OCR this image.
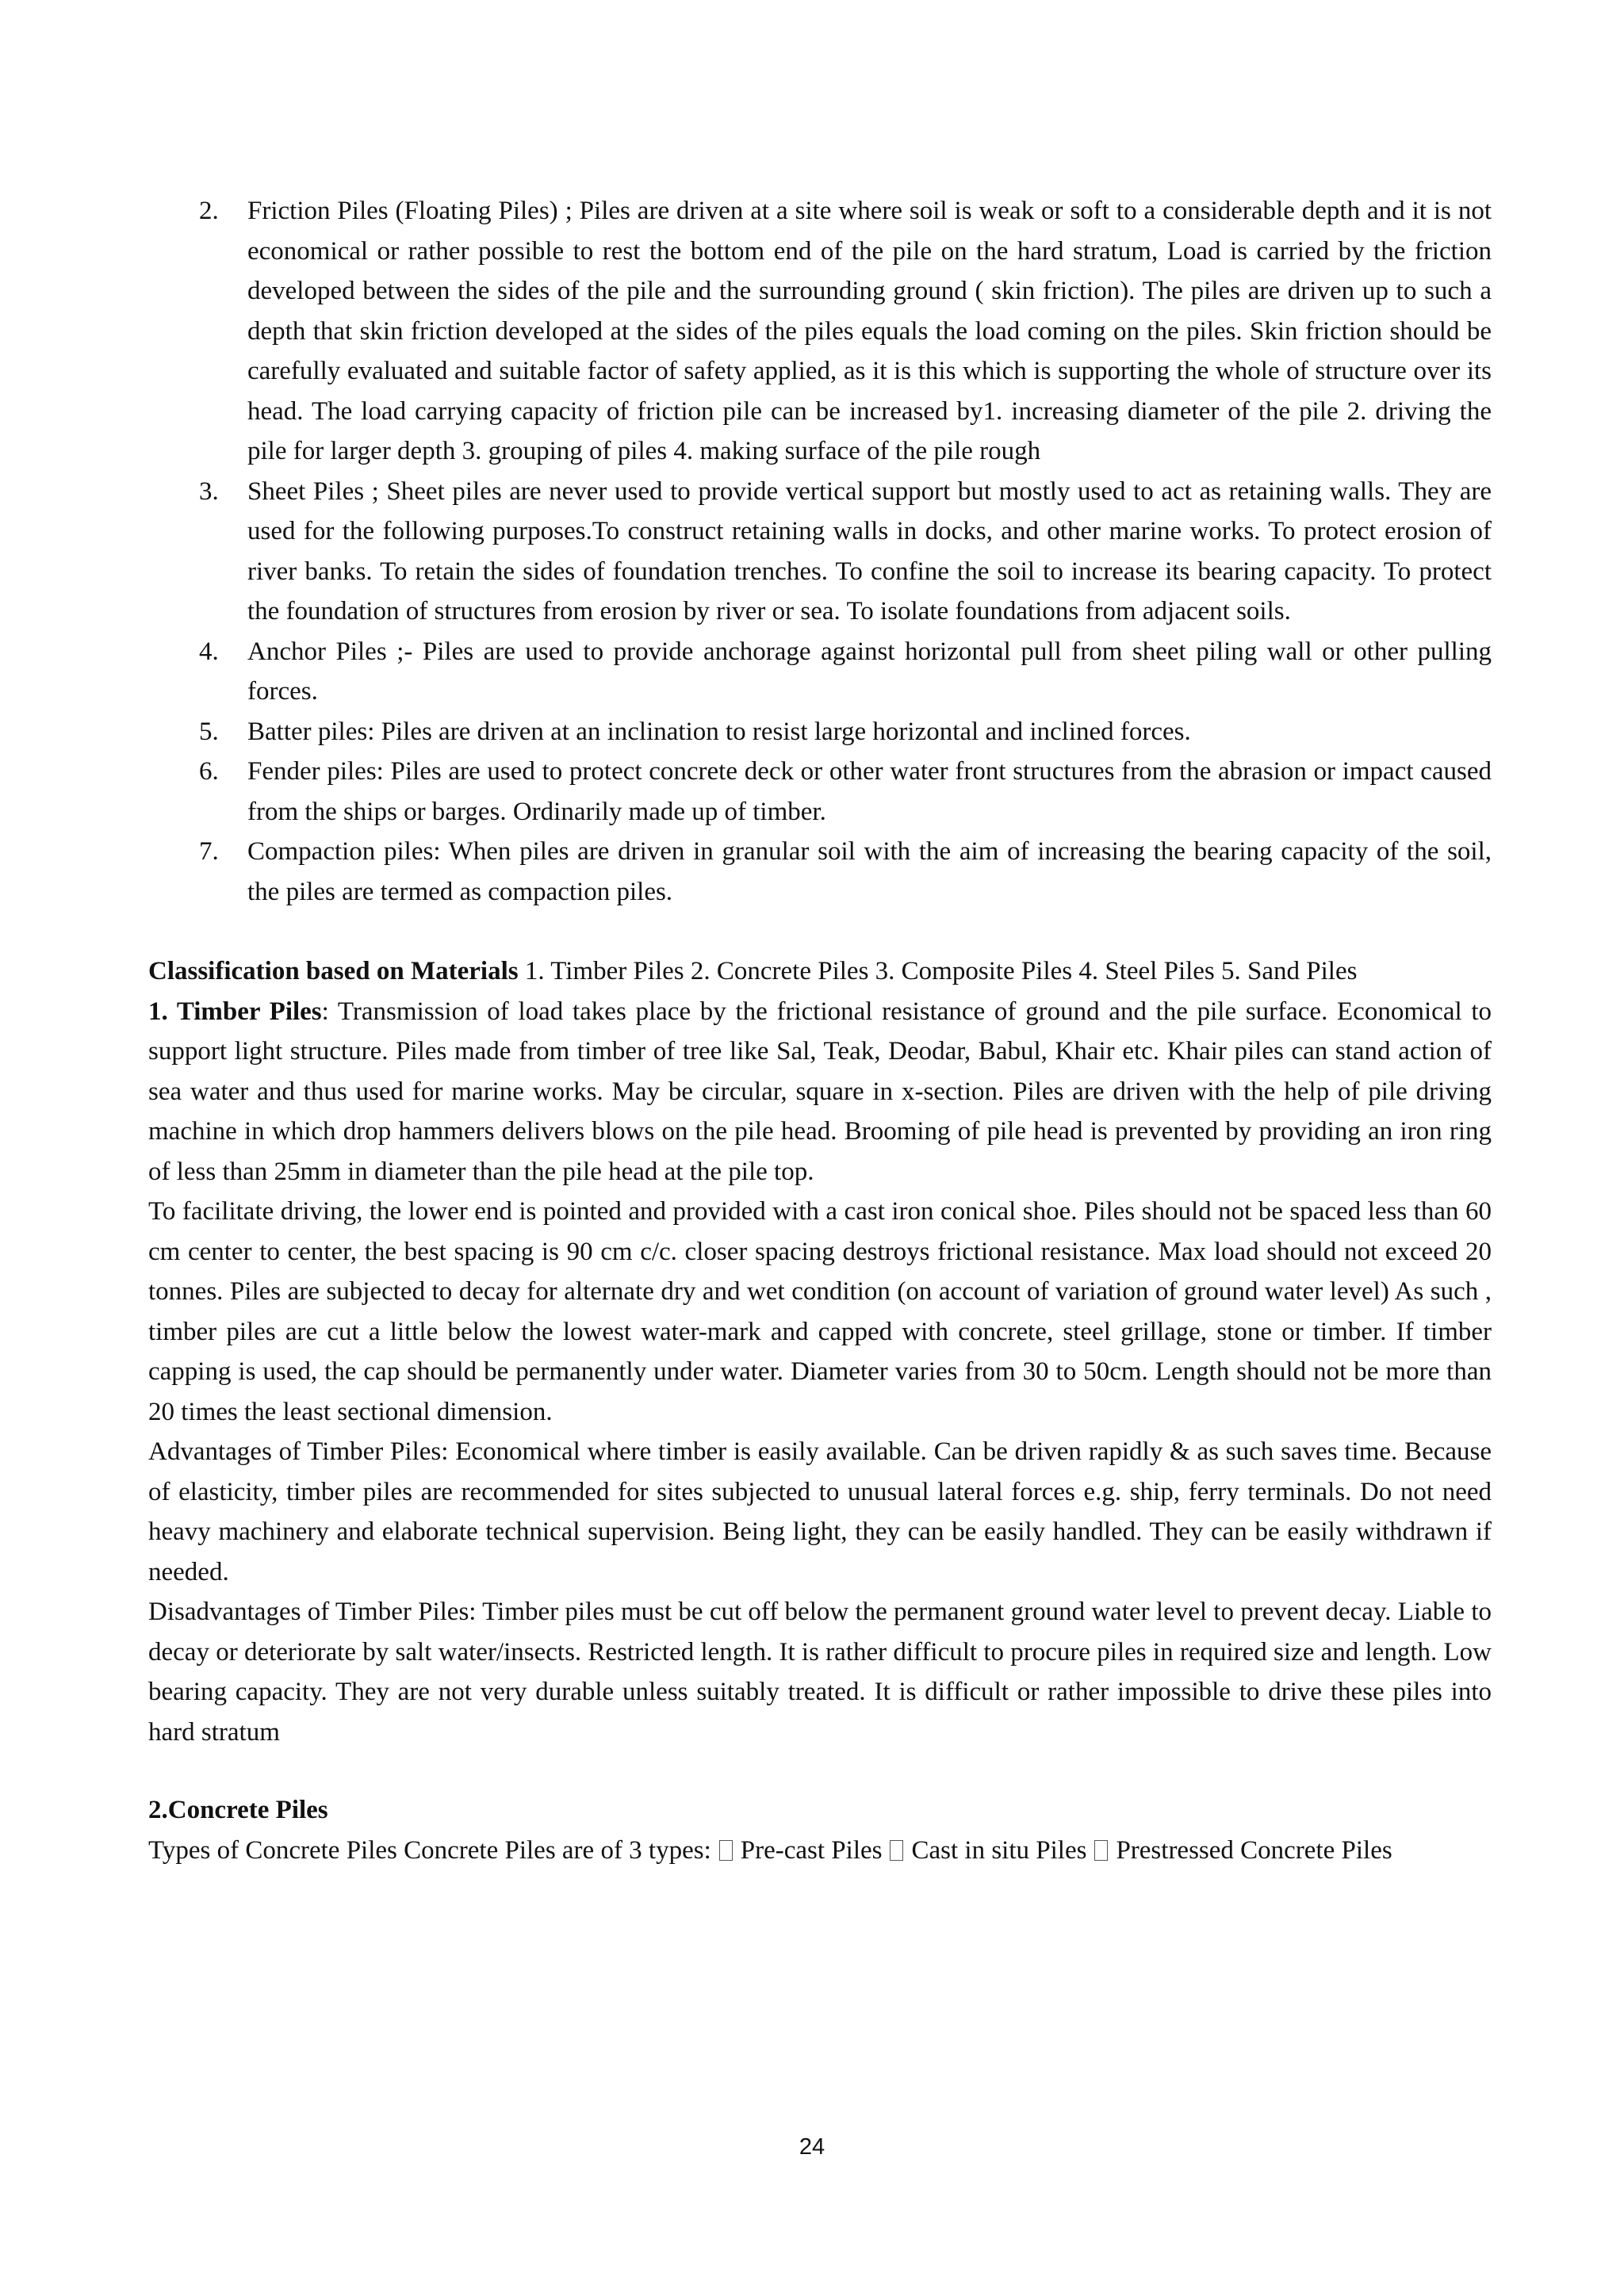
2. Friction Piles (Floating Piles) ; Piles are driven at a site where soil is weak or soft to a considerable depth and it is not economical or rather possible to rest the bottom end of the pile on the hard stratum, Load is carried by the friction developed between the sides of the pile and the surrounding ground ( skin friction). The piles are driven up to such a depth that skin friction developed at the sides of the piles equals the load coming on the piles. Skin friction should be carefully evaluated and suitable factor of safety applied, as it is this which is supporting the whole of structure over its head. The load carrying capacity of friction pile can be increased by1. increasing diameter of the pile 2. driving the pile for larger depth 3. grouping of piles 4. making surface of the pile rough
3. Sheet Piles ; Sheet piles are never used to provide vertical support but mostly used to act as retaining walls. They are used for the following purposes.To construct retaining walls in docks, and other marine works. To protect erosion of river banks. To retain the sides of foundation trenches. To confine the soil to increase its bearing capacity. To protect the foundation of structures from erosion by river or sea. To isolate foundations from adjacent soils.
4. Anchor Piles ;- Piles are used to provide anchorage against horizontal pull from sheet piling wall or other pulling forces.
5. Batter piles: Piles are driven at an inclination to resist large horizontal and inclined forces.
6. Fender piles: Piles are used to protect concrete deck or other water front structures from the abrasion or impact caused from the ships or barges. Ordinarily made up of timber.
7. Compaction piles: When piles are driven in granular soil with the aim of increasing the bearing capacity of the soil, the piles are termed as compaction piles.

Classification based on Materials 1. Timber Piles 2. Concrete Piles 3. Composite Piles 4. Steel Piles 5. Sand Piles

1. Timber Piles: Transmission of load takes place by the frictional resistance of ground and the pile surface. Economical to support light structure. Piles made from timber of tree like Sal, Teak, Deodar, Babul, Khair etc. Khair piles can stand action of sea water and thus used for marine works. May be circular, square in x-section. Piles are driven with the help of pile driving machine in which drop hammers delivers blows on the pile head. Brooming of pile head is prevented by providing an iron ring of less than 25mm in diameter than the pile head at the pile top.

To facilitate driving, the lower end is pointed and provided with a cast iron conical shoe. Piles should not be spaced less than 60 cm center to center, the best spacing is 90 cm c/c. closer spacing destroys frictional resistance. Max load should not exceed 20 tonnes. Piles are subjected to decay for alternate dry and wet condition (on account of variation of ground water level) As such , timber piles are cut a little below the lowest water-mark and capped with concrete, steel grillage, stone or timber. If timber capping is used, the cap should be permanently under water. Diameter varies from 30 to 50cm. Length should not be more than 20 times the least sectional dimension.

Advantages of Timber Piles: Economical where timber is easily available. Can be driven rapidly & as such saves time. Because of elasticity, timber piles are recommended for sites subjected to unusual lateral forces e.g. ship, ferry terminals. Do not need heavy machinery and elaborate technical supervision. Being light, they can be easily handled. They can be easily withdrawn if needed.

Disadvantages of Timber Piles: Timber piles must be cut off below the permanent ground water level to prevent decay. Liable to decay or deteriorate by salt water/insects. Restricted length. It is rather difficult to procure piles in required size and length. Low bearing capacity. They are not very durable unless suitably treated. It is difficult or rather impossible to drive these piles into hard stratum

2.Concrete Piles

Types of Concrete Piles Concrete Piles are of 3 types: Pre-cast Piles Cast in situ Piles Prestressed Concrete Piles

24
